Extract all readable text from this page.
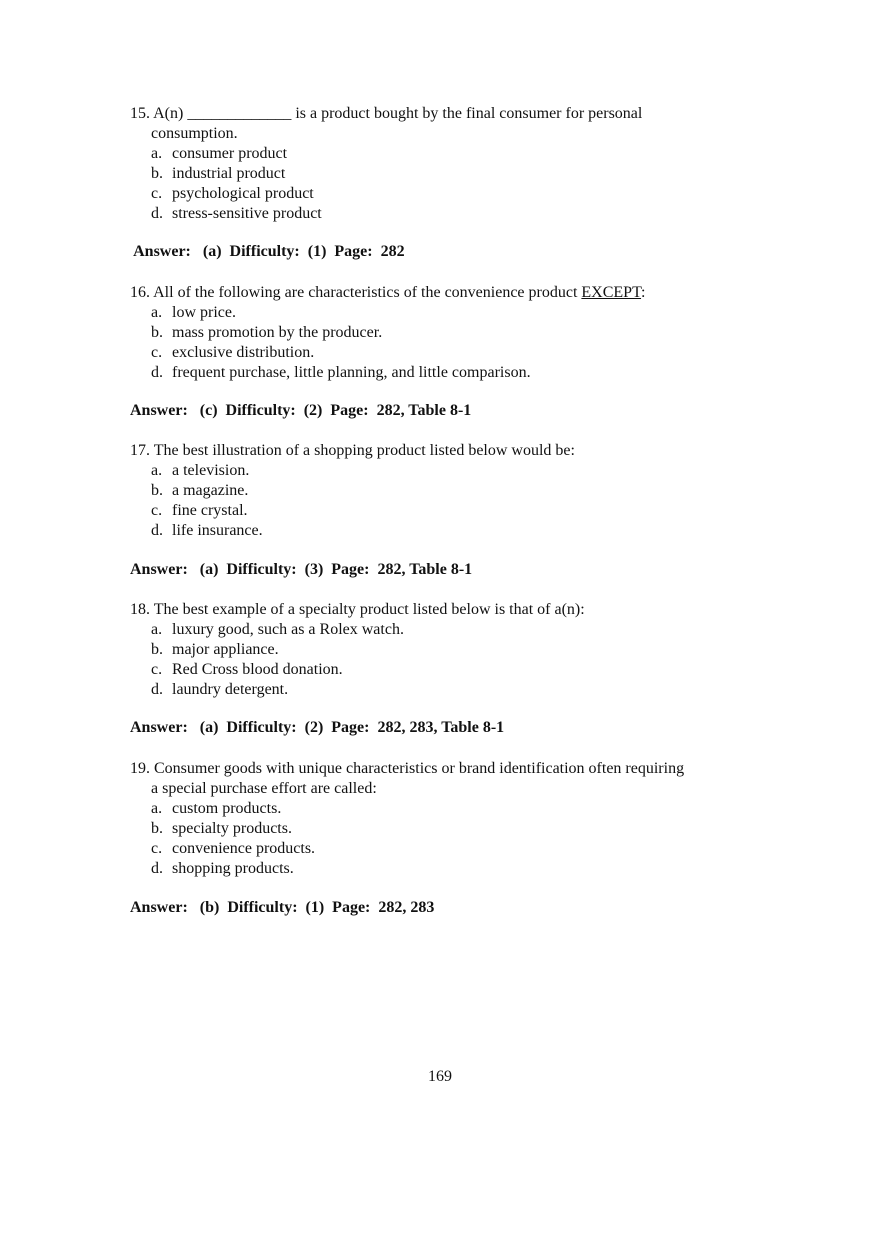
15. A(n) _____________ is a product bought by the final consumer for personal
consumption.
a. consumer product
b. industrial product
c. psychological product
d. stress-sensitive product
Answer:   (a)  Difficulty:  (1)  Page:  282
16. All of the following are characteristics of the convenience product EXCEPT:
a. low price.
b. mass promotion by the producer.
c. exclusive distribution.
d. frequent purchase, little planning, and little comparison.
Answer:   (c)  Difficulty:  (2)  Page:  282, Table 8-1
17. The best illustration of a shopping product listed below would be:
a. a television.
b. a magazine.
c. fine crystal.
d. life insurance.
Answer:   (a)  Difficulty:  (3)  Page:  282, Table 8-1
18. The best example of a specialty product listed below is that of a(n):
a. luxury good, such as a Rolex watch.
b. major appliance.
c. Red Cross blood donation.
d. laundry detergent.
Answer:   (a)  Difficulty:  (2)  Page:  282, 283, Table 8-1
19. Consumer goods with unique characteristics or brand identification often requiring
a special purchase effort are called:
a. custom products.
b. specialty products.
c. convenience products.
d. shopping products.
Answer:   (b)  Difficulty:  (1)  Page:  282, 283
169
